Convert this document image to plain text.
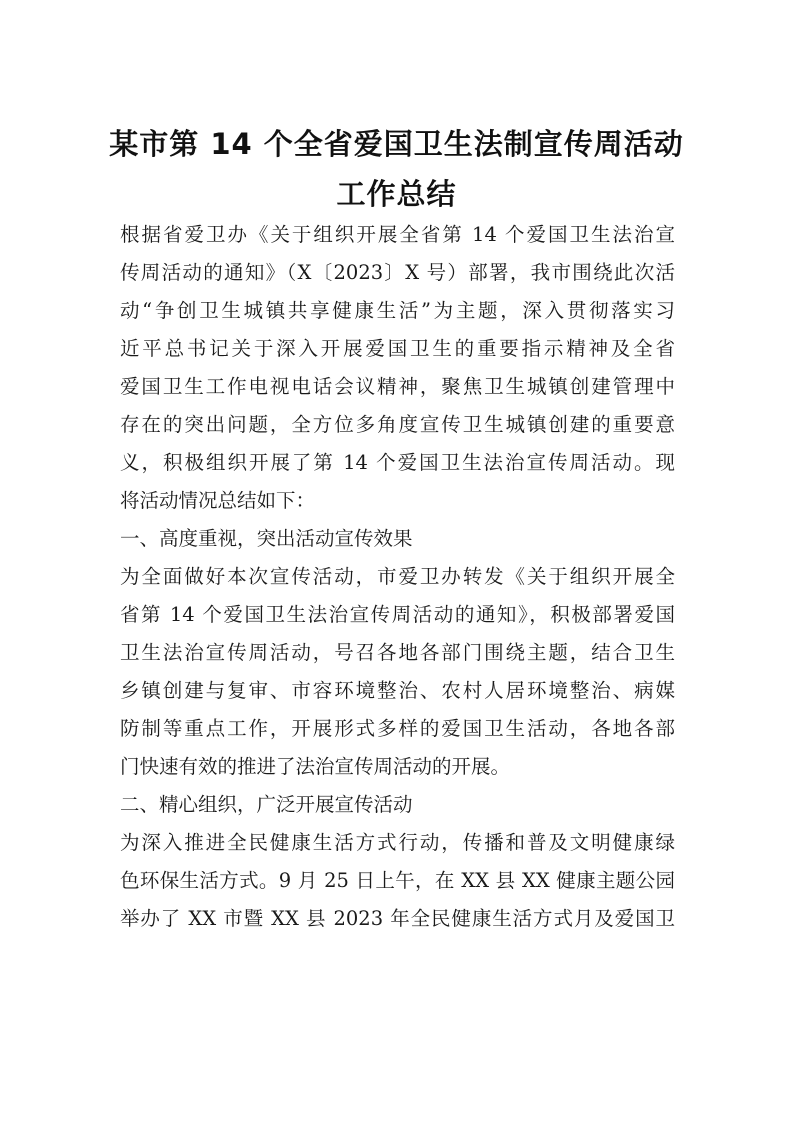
某市第 14 个全省爱国卫生法制宣传周活动
工作总结
根据省爱卫办《关于组织开展全省第 14 个爱国卫生法治宣
传周活动的通知》（X〔2023〕X 号）部署，我市围绕此次活
动“争创卫生城镇共享健康生活”为主题，深入贯彻落实习
近平总书记关于深入开展爱国卫生的重要指示精神及全省
爱国卫生工作电视电话会议精神，聚焦卫生城镇创建管理中
存在的突出问题，全方位多角度宣传卫生城镇创建的重要意
义，积极组织开展了第 14 个爱国卫生法治宣传周活动。现
将活动情况总结如下：
一、高度重视，突出活动宣传效果
为全面做好本次宣传活动，市爱卫办转发《关于组织开展全
省第 14 个爱国卫生法治宣传周活动的通知》，积极部署爱国
卫生法治宣传周活动，号召各地各部门围绕主题，结合卫生
乡镇创建与复审、市容环境整治、农村人居环境整治、病媒
防制等重点工作，开展形式多样的爱国卫生活动，各地各部
门快速有效的推进了法治宣传周活动的开展。
二、精心组织，广泛开展宣传活动
为深入推进全民健康生活方式行动，传播和普及文明健康绿
色环保生活方式。9 月 25 日上午，在 XX 县 XX 健康主题公园
举办了 XX 市暨 XX 县 2023 年全民健康生活方式月及爱国卫
